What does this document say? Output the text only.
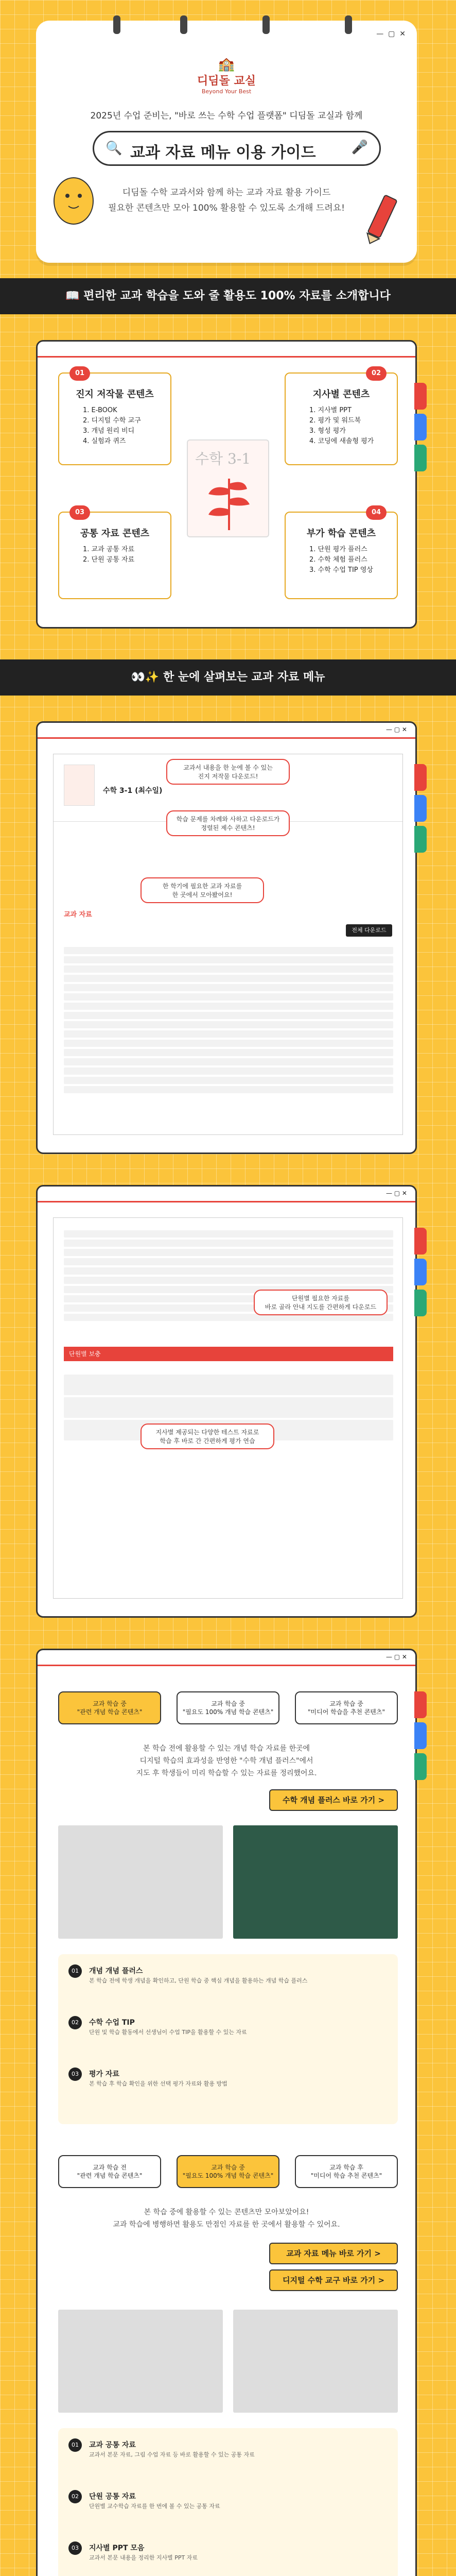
—  ▢  ✕
🏫
디딤돌 교실
Beyond Your Best
2025년 수업 준비는, "바로 쓰는 수학 수업 플랫폼" 디딤돌 교실과 함께
🔍 교과 자료 메뉴 이용 가이드	🎤
디딤돌 수학 교과서와 함께 하는 교과 자료 활용 가이드
필요한 콘텐츠만 모아 100% 활용할 수 있도록 소개해 드려요!
📖 편리한 교과 학습을 도와 줄 활용도 100% 자료를 소개합니다
01
진지 저작물 콘텐츠
1. E-BOOK
2. 디지털 수학 교구
3. 개념 원리 비디
4. 실험과 퀴즈
02
지사별 콘텐츠
1. 지사별 PPT
2. 평가 및 워드북
3. 형성 평가
4. 코딩에 새솔형 평가
03
공통 자료 콘텐츠
1. 교과 공통 자료
2. 단원 공통 자료
04
부가 학습 콘텐츠
1. 단원 평가 플러스
2. 수학 체험 플러스
3. 수학 수업 TIP 영상
수학 3-1
👀✨ 한 눈에 살펴보는 교과 자료 메뉴
— ▢ ✕
수학 3-1 (최수일)
교과 자료
전체 다운로드
교과서 내용을 한 눈에 볼 수 있는
진지 저작물 다운로드!
학습 문제를 차례와 사하고 다운로드가
정렬된 제수 콘텐츠!
한 학기에 필요한 교과 자료를
한 곳에서 모아봤어요!
— ▢ ✕
단원별 보충
단원별 필요한 자료를
바로 골라 안내 지도를 간편하게 다운로드
지사별 제공되는 다양한 테스트 자료로
학습 후 바로 간 간편하게 평가 연습
— ▢ ✕
교과 학습 중
"관련 개념 학습 콘텐츠"
교과 학습 중
"필요도 100% 개념 학습 콘텐츠"
교과 학습 중
"미디어 학습을 추천 콘텐츠"
본 학습 전에 활용할 수 있는 개념 학습 자료를 한곳에
디지털 학습의 효과성을 반영한 "수학 개념 플러스"에서
지도 후 학생들이 미리 학습할 수 있는 자료를 정리했어요.
수학 개념 플러스 바로 가기 >
01	개념 개념 플러스
본 학습 전에 학생 개념을 확인하고, 단원 학습 중 핵심 개념을 활용하는 개념 학습 플러스
02	수학 수업 TIP
단원 및 학습 활동에서 선생님이 수업 TIP을 활용할 수 있는 자료
03	평가 자료
본 학습 후 학습 확인을 위한 선택 평가 자료와 활용 방법
교과 학습 전
"관련 개념 학습 콘텐츠"
교과 학습 중
"필요도 100% 개념 학습 콘텐츠"
교과 학습 후
"미디어 학습 추천 콘텐츠"
본 학습 중에 활용할 수 있는 콘텐츠만 모아보았어요!
교과 학습에 병행하면 활용도 만점인 자료를 한 곳에서 활용할 수 있어요.
교과 자료 메뉴 바로 가기 >
디지털 수학 교구 바로 가기 >
01	교과 공통 자료
교과서 본문 자료, 그림 수업 자료 등 바로 활용할 수 있는 공통 자료
02	단원 공통 자료
단원별 교수학습 자료를 한 번에 볼 수 있는 공통 자료
03	지사별 PPT 모음
교과서 본문 내용을 정리한 지사별 PPT 자료
